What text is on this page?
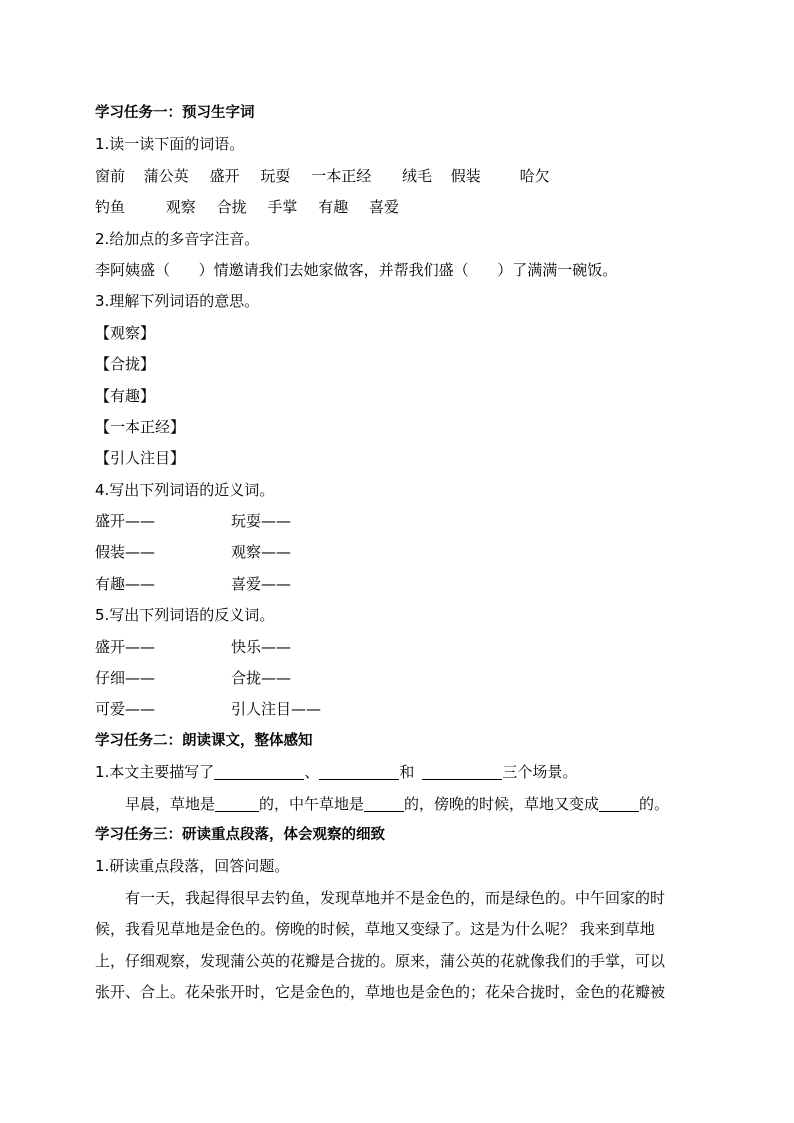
学习任务一：预习生字词
1.读一读下面的词语。
窗前 蒲公英 盛开 玩耍 一本正经 绒毛 假装	哈欠
钓鱼	观察 合拢 手掌 有趣 喜爱
2.给加点的多音字注音。
李阿姨盛（      ）情邀请我们去她家做客，并帮我们盛（      ）了满满一碗饭。
3.理解下列词语的意思。
【观察】
【合拢】
【有趣】
【一本正经】
【引人注目】
4.写出下列词语的近义词。
盛开——	玩耍——
假装——	观察——
有趣——	喜爱——
5.写出下列词语的反义词。
盛开——	快乐——
仔细——	合拢——
可爱——	引人注目——
学习任务二：朗读课文，整体感知
1.本文主要描写了	、	和	三个场景。
早晨，草地是	的，中午草地是	的，傍晚的时候，草地又变成	的。
学习任务三：研读重点段落，体会观察的细致
1.研读重点段落，回答问题。
有一天，我起得很早去钓鱼，发现草地并不是金色的，而是绿色的。中午回家的时
候，我看见草地是金色的。傍晚的时候，草地又变绿了。这是为什么呢？ 我来到草地
上，仔细观察，发现蒲公英的花瓣是合拢的。原来，蒲公英的花就像我们的手掌，可以
张开、合上。花朵张开时，它是金色的，草地也是金色的；花朵合拢时，金色的花瓣被
